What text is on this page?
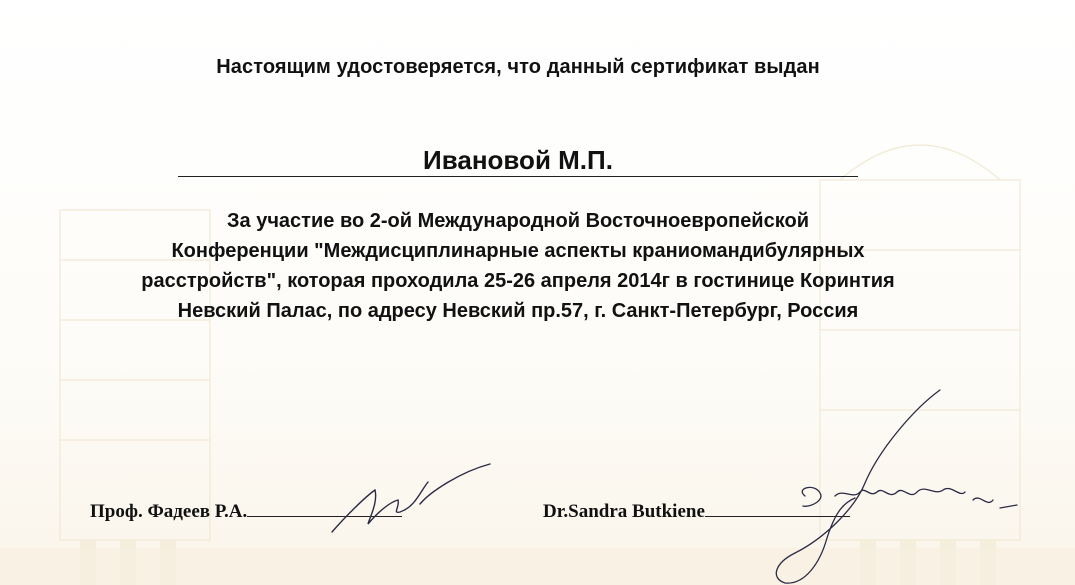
Настоящим удостоверяется, что данный сертификат выдан
Ивановой М.П.
За участие во 2-ой Международной Восточноевропейской
Конференции "Междисциплинарные аспекты краниомандибулярных
расстройств", которая проходила 25-26 апреля 2014г в гостинице Коринтия
Невский Палас, по адресу Невский пр.57, г. Санкт-Петербург, Россия
Проф. Фадеев Р.А.	Dr.Sandra Butkiene
